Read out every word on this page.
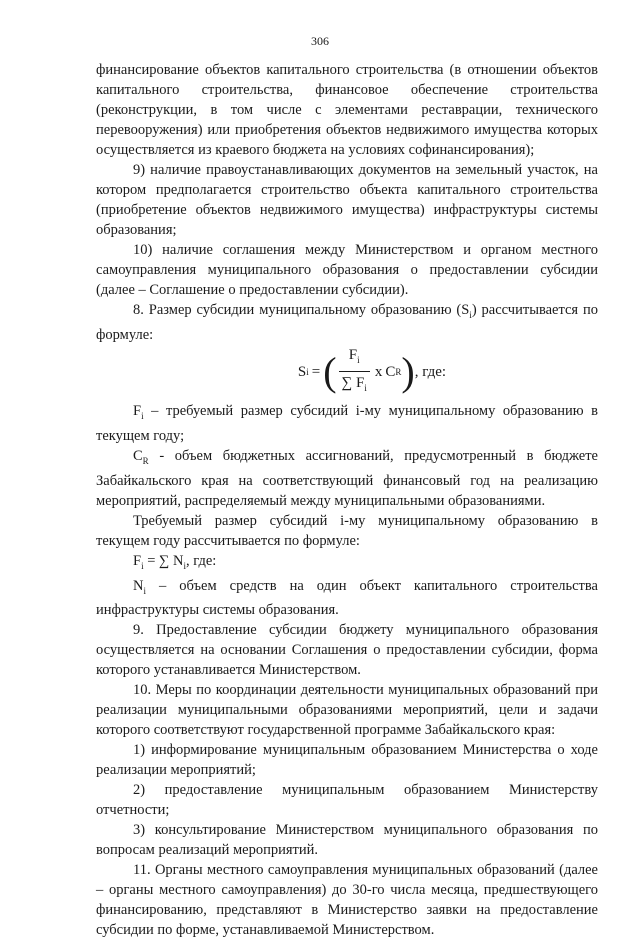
306

финансирование объектов капитального строительства (в отношении объектов капитального строительства, финансовое обеспечение строительства (реконструкции, в том числе с элементами реставрации, технического перевооружения) или приобретения объектов недвижимого имущества которых осуществляется из краевого бюджета на условиях софинансирования);

9) наличие правоустанавливающих документов на земельный участок, на котором предполагается строительство объекта капитального строительства (приобретение объектов недвижимого имущества) инфраструктуры системы образования;

10) наличие соглашения между Министерством и органом местного самоуправления муниципального образования о предоставлении субсидии (далее – Соглашение о предоставлении субсидии).

8. Размер субсидии муниципальному образованию $(S_i)$ рассчитывается по формуле:

S i = ( $\frac{F_i}{\sum F_i}$ x C R ) , где:

$F_i$ – требуемый размер субсидий i-му муниципальному образованию в текущем году;

$C_R$ - объем бюджетных ассигнований, предусмотренный в бюджете Забайкальского края на соответствующий финансовый год на реализацию мероприятий, распределяемый между муниципальными образованиями.

Требуемый размер субсидий i-му муниципальному образованию в текущем году рассчитывается по формуле:

$F_i$ = ∑ $N_i$, где:

$N_i$ – объем средств на один объект капитального строительства инфраструктуры системы образования.

9. Предоставление субсидии бюджету муниципального образования осуществляется на основании Соглашения о предоставлении субсидии, форма которого устанавливается Министерством.

10. Меры по координации деятельности муниципальных образований при реализации муниципальными образованиями мероприятий, цели и задачи которого соответствуют государственной программе Забайкальского края:

1) информирование муниципальным образованием Министерства о ходе реализации мероприятий;

2) предоставление муниципальным образованием Министерству отчетности;

3) консультирование Министерством муниципального образования по вопросам реализаций мероприятий.

11. Органы местного самоуправления муниципальных образований (далее – органы местного самоуправления) до 30-го числа месяца, предшествующего финансированию, представляют в Министерство заявки на предоставление субсидии по форме, устанавливаемой Министерством.
